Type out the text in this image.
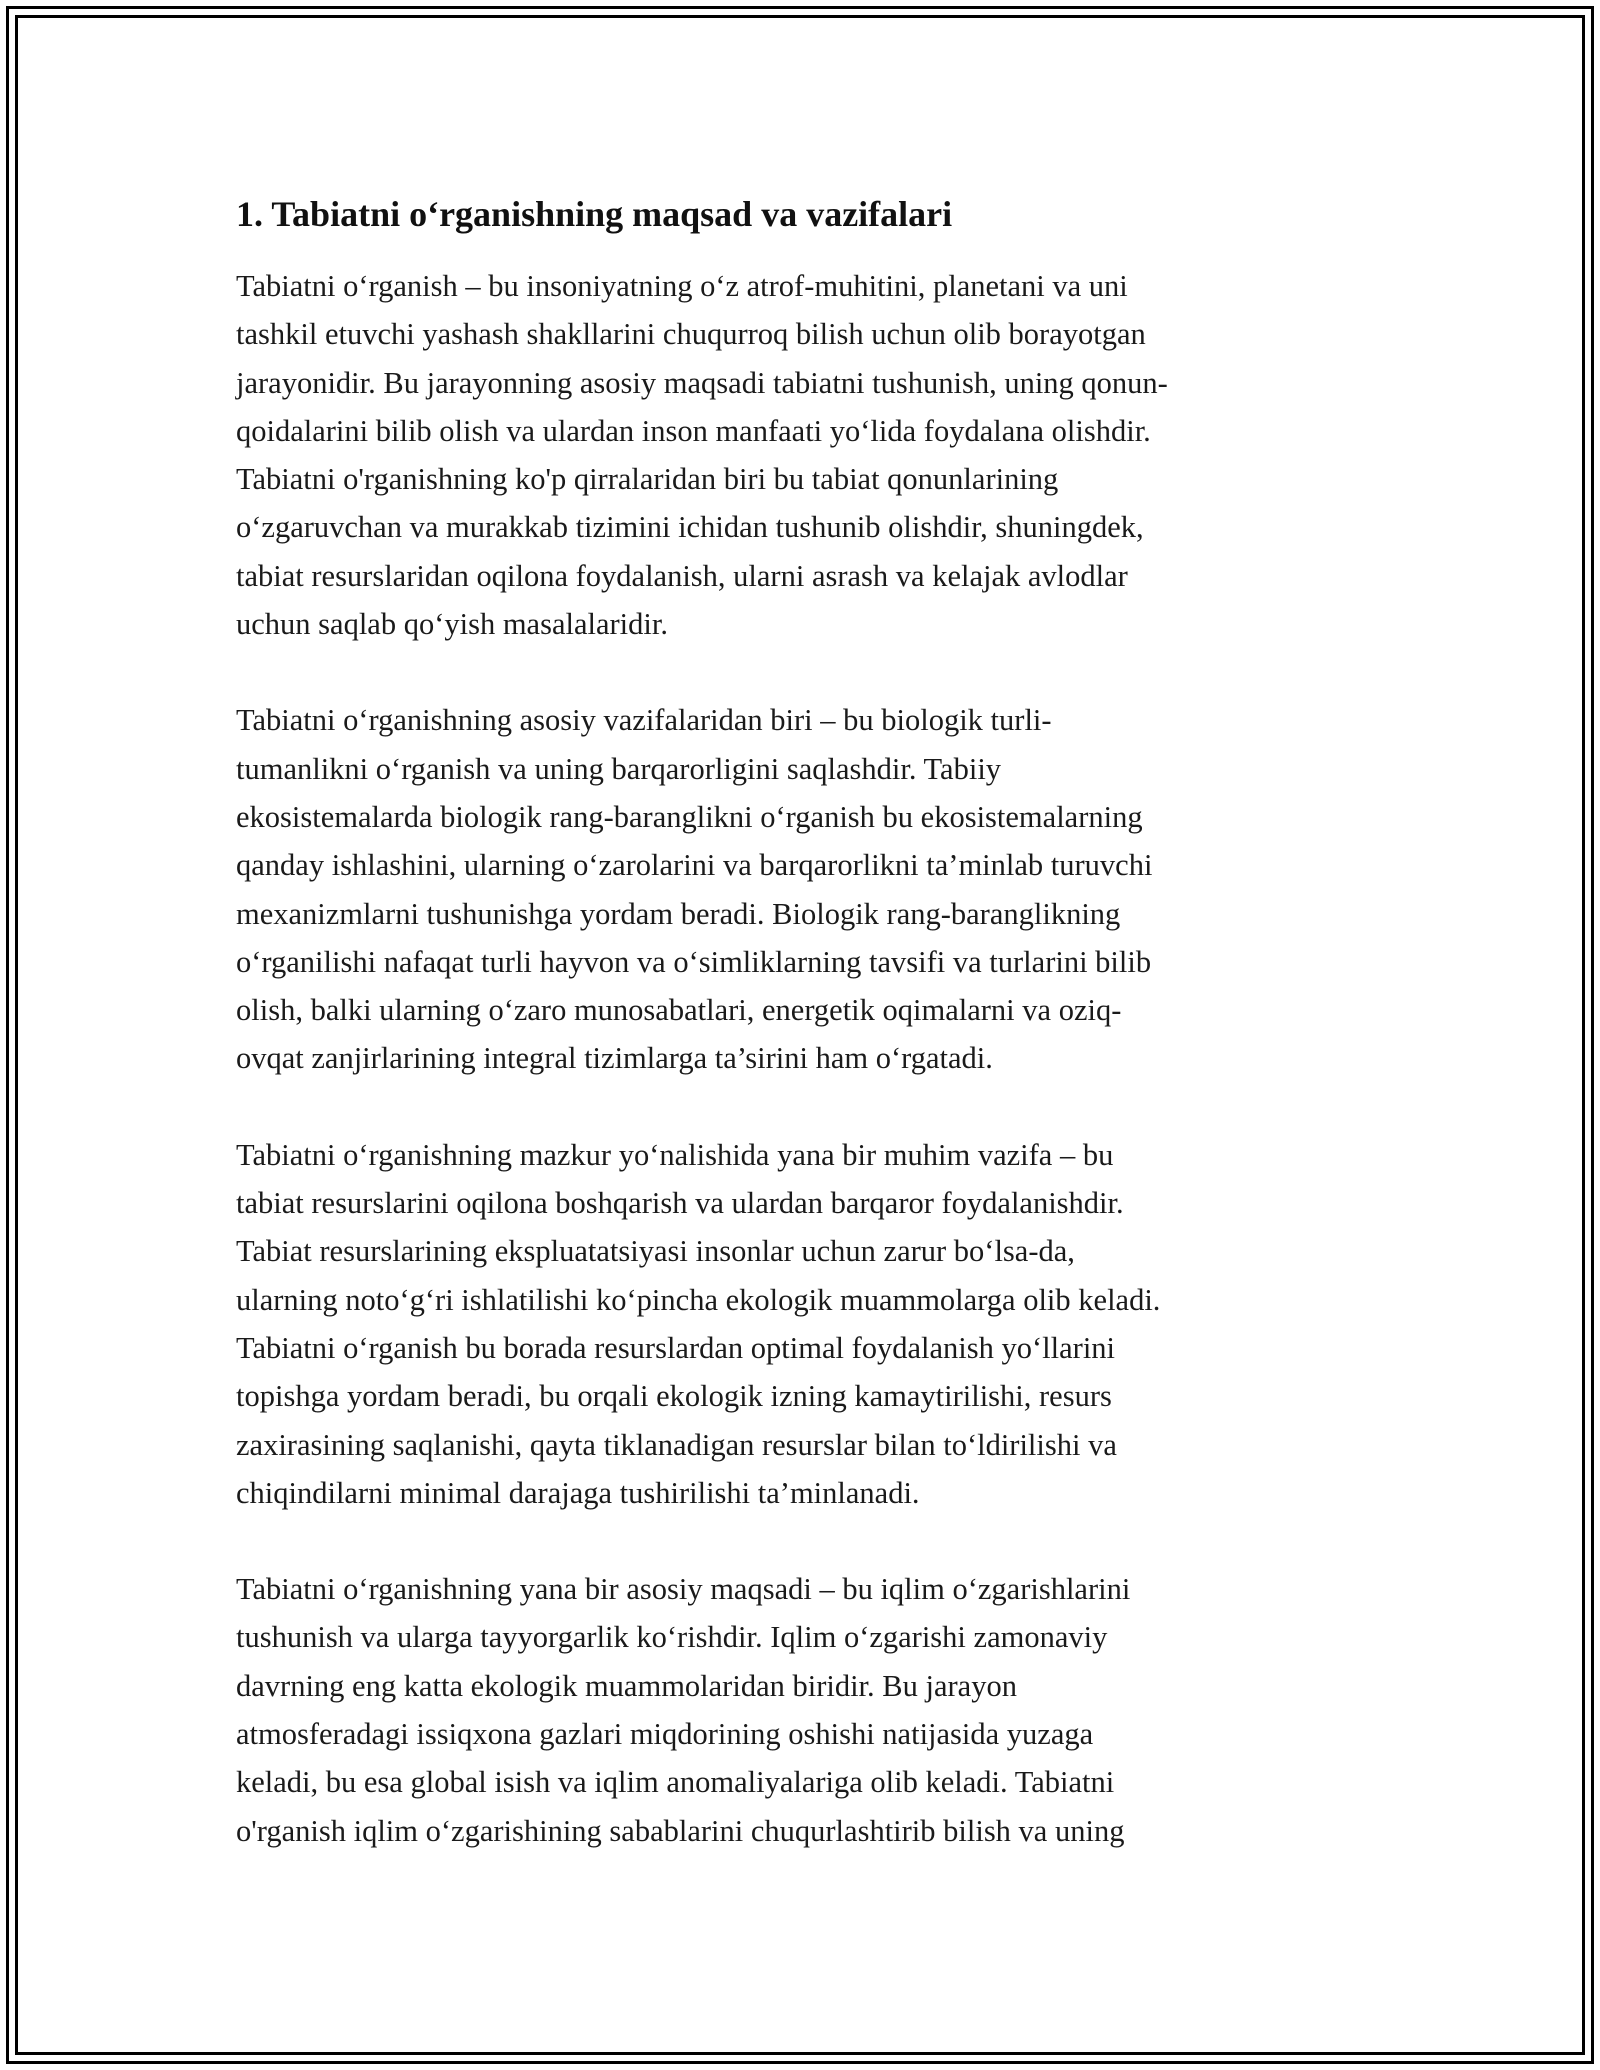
1. Tabiatni o‘rganishning maqsad va vazifalari

Tabiatni o‘rganish – bu insoniyatning o‘z atrof-muhitini, planetani va uni
tashkil etuvchi yashash shakllarini chuqurroq bilish uchun olib borayotgan
jarayonidir. Bu jarayonning asosiy maqsadi tabiatni tushunish, uning qonun-
qoidalarini bilib olish va ulardan inson manfaati yo‘lida foydalana olishdir.
Tabiatni o'rganishning ko'p qirralaridan biri bu tabiat qonunlarining
o‘zgaruvchan va murakkab tizimini ichidan tushunib olishdir, shuningdek,
tabiat resurslaridan oqilona foydalanish, ularni asrash va kelajak avlodlar
uchun saqlab qo‘yish masalalaridir.

Tabiatni o‘rganishning asosiy vazifalaridan biri – bu biologik turli-
tumanlikni o‘rganish va uning barqarorligini saqlashdir. Tabiiy
ekosistemalarda biologik rang-baranglikni o‘rganish bu ekosistemalarning
qanday ishlashini, ularning o‘zarolarini va barqarorlikni ta’minlab turuvchi
mexanizmlarni tushunishga yordam beradi. Biologik rang-baranglikning
o‘rganilishi nafaqat turli hayvon va o‘simliklarning tavsifi va turlarini bilib
olish, balki ularning o‘zaro munosabatlari, energetik oqimalarni va oziq-
ovqat zanjirlarining integral tizimlarga ta’sirini ham o‘rgatadi.

Tabiatni o‘rganishning mazkur yo‘nalishida yana bir muhim vazifa – bu
tabiat resurslarini oqilona boshqarish va ulardan barqaror foydalanishdir.
Tabiat resurslarining ekspluatatsiyasi insonlar uchun zarur bo‘lsa-da,
ularning noto‘g‘ri ishlatilishi ko‘pincha ekologik muammolarga olib keladi.
Tabiatni o‘rganish bu borada resurslardan optimal foydalanish yo‘llarini
topishga yordam beradi, bu orqali ekologik izning kamaytirilishi, resurs
zaxirasining saqlanishi, qayta tiklanadigan resurslar bilan to‘ldirilishi va
chiqindilarni minimal darajaga tushirilishi ta’minlanadi.

Tabiatni o‘rganishning yana bir asosiy maqsadi – bu iqlim o‘zgarishlarini
tushunish va ularga tayyorgarlik ko‘rishdir. Iqlim o‘zgarishi zamonaviy
davrning eng katta ekologik muammolaridan biridir. Bu jarayon
atmosferadagi issiqxona gazlari miqdorining oshishi natijasida yuzaga
keladi, bu esa global isish va iqlim anomaliyalariga olib keladi. Tabiatni
o'rganish iqlim o‘zgarishining sabablarini chuqurlashtirib bilish va uning
